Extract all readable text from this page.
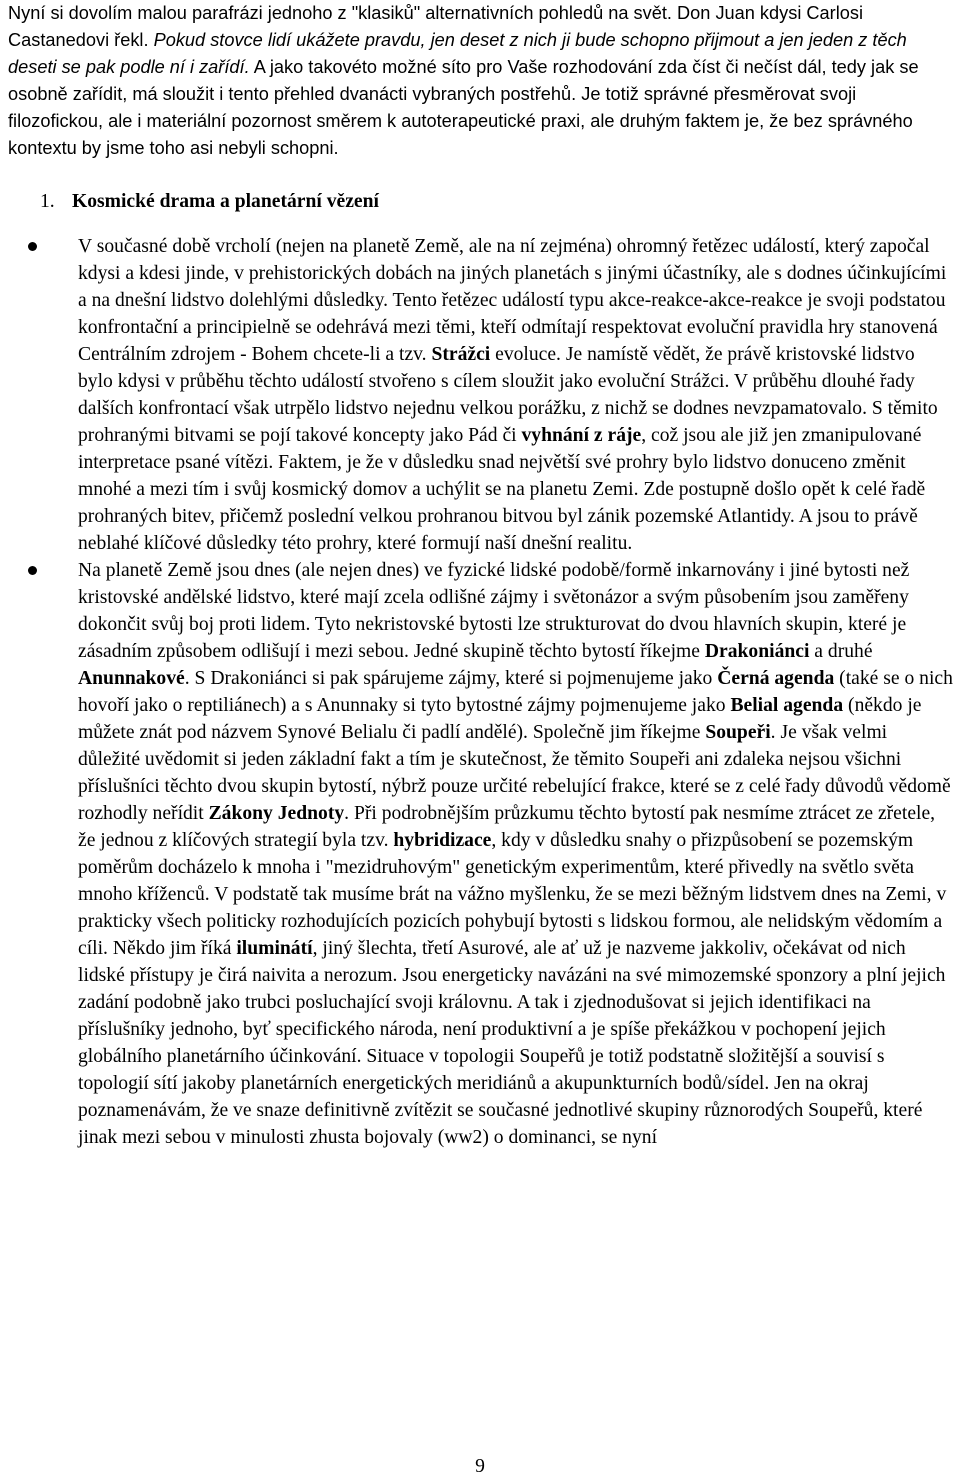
Nyní si dovolím malou parafrázi jednoho z "klasiků" alternativních pohledů na svět. Don Juan kdysi Carlosi Castanedovi řekl. Pokud stovce lidí ukážete pravdu, jen deset z nich ji bude schopno přijmout a jen jeden z těch deseti se pak podle ní i zařídí. A jako takovéto možné síto pro Vaše rozhodování zda číst či nečíst dál, tedy jak se osobně zařídit, má sloužit i tento přehled dvanácti vybraných postřehů. Je totiž správné přesměrovat svoji filozofickou, ale i materiální pozornost směrem k autoterapeutické praxi, ale druhým faktem je, že bez správného kontextu by jsme toho asi nebyli schopni.

1. Kosmické drama a planetární vězení
V současné době vrcholí (nejen na planetě Země, ale na ní zejména) ohromný řetězec událostí, který započal kdysi a kdesi jinde, v prehistorických dobách na jiných planetách s jinými účastníky, ale s dodnes účinkujícími a na dnešní lidstvo dolehlými důsledky. Tento řetězec událostí typu akce-reakce-akce-reakce je svoji podstatou konfrontační a principielně se odehrává mezi těmi, kteří odmítají respektovat evoluční pravidla hry stanovená Centrálním zdrojem - Bohem chcete-li a tzv. Strážci evoluce. Je namístě vědět, že právě kristovské lidstvo bylo kdysi v průběhu těchto událostí stvořeno s cílem sloužit jako evoluční Strážci. V průběhu dlouhé řady dalších konfrontací však utrpělo lidstvo nejednu velkou porážku, z nichž se dodnes nevzpamatovalo. S těmito prohranými bitvami se pojí takové koncepty jako Pád či vyhnání z ráje, což jsou ale již jen zmanipulované interpretace psané vítězi. Faktem, je že v důsledku snad největší své prohry bylo lidstvo donuceno změnit mnohé a mezi tím i svůj kosmický domov a uchýlit se na planetu Zemi. Zde postupně došlo opět k celé řadě prohraných bitev, přičemž poslední velkou prohranou bitvou byl zánik pozemské Atlantidy. A jsou to právě neblahé klíčové důsledky této prohry, které formují naší dnešní realitu.
Na planetě Země jsou dnes (ale nejen dnes) ve fyzické lidské podobě/formě inkarnovány i jiné bytosti než kristovské andělské lidstvo, které mají zcela odlišné zájmy i světonázor a svým působením jsou zaměřeny dokončit svůj boj proti lidem. Tyto nekristovské bytosti lze strukturovat do dvou hlavních skupin, které je zásadním způsobem odlišují i mezi sebou. Jedné skupině těchto bytostí říkejme Drakoniánci a druhé Anunnakové. S Drakoniánci si pak spárujeme zájmy, které si pojmenujeme jako Černá agenda (také se o nich hovoří jako o reptiliánech) a s Anunnaky si tyto bytostné zájmy pojmenujeme jako Belial agenda (někdo je můžete znát pod názvem Synové Belialu či padlí andělé). Společně jim říkejme Soupeři. Je však velmi důležité uvědomit si jeden základní fakt a tím je skutečnost, že těmito Soupeři ani zdaleka nejsou všichni příslušníci těchto dvou skupin bytostí, nýbrž pouze určité rebelující frakce, které se z celé řady důvodů vědomě rozhodly neřídit Zákony Jednoty. Při podrobnějším průzkumu těchto bytostí pak nesmíme ztrácet ze zřetele, že jednou z klíčových strategií byla tzv. hybridizace, kdy v důsledku snahy o přizpůsobení se pozemským poměrům docházelo k mnoha i "mezidruhovým" genetickým experimentům, které přivedly na světlo světa mnoho kříženců. V podstatě tak musíme brát na vážno myšlenku, že se mezi běžným lidstvem dnes na Zemi, v prakticky všech politicky rozhodujících pozicích pohybují bytosti s lidskou formou, ale nelidským vědomím a cíli. Někdo jim říká iluminátí, jiný šlechta, třetí Asurové, ale ať už je nazveme jakkoliv, očekávat od nich lidské přístupy je čirá naivita a nerozum. Jsou energeticky navázáni na své mimozemské sponzory a plní jejich zadání podobně jako trubci posluchající svoji královnu. A tak i zjednodušovat si jejich identifikaci na příslušníky jednoho, byť specifického národa, není produktivní a je spíše překážkou v pochopení jejich globálního planetárního účinkování. Situace v topologii Soupeřů je totiž podstatně složitější a souvisí s topologií sítí jakoby planetárních energetických meridiánů a akupunkturních bodů/sídel. Jen na okraj poznamenávám, že ve snaze definitivně zvítězit se současné jednotlivé skupiny různorodých Soupeřů, které jinak mezi sebou v minulosti zhusta bojovaly (ww2) o dominanci, se nyní
9
